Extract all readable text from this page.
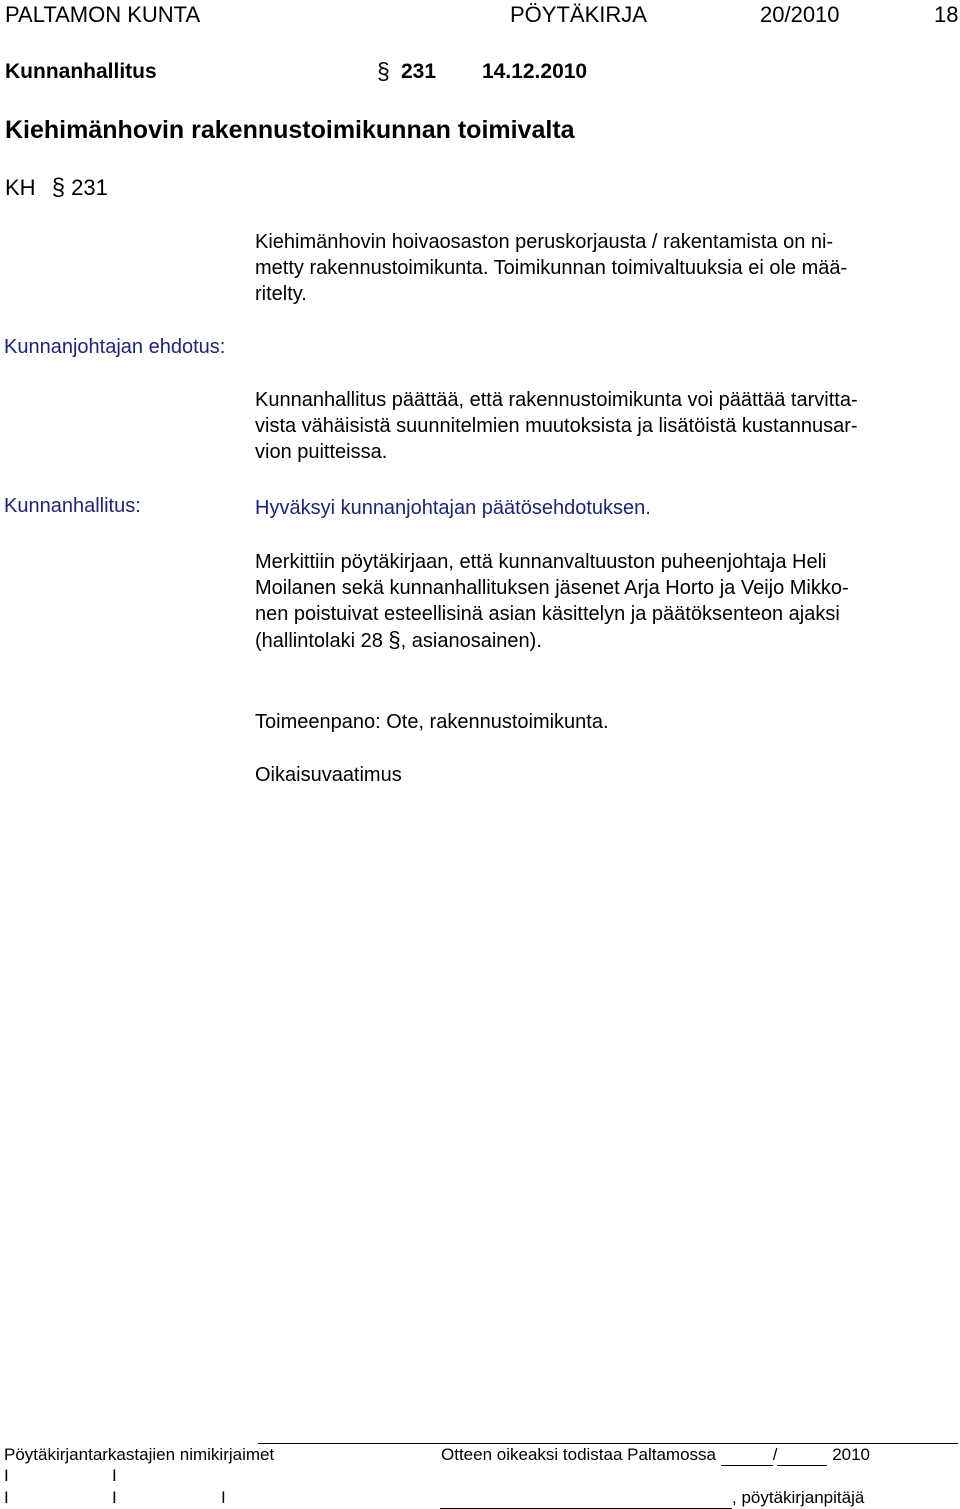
PALTAMON KUNTA	PÖYTÄKIRJA	20/2010	18
Kunnanhallitus	§ 231 14.12.2010
Kiehimänhovin rakennustoimikunnan toimivalta
KH § 231
Kiehimänhovin hoivaosaston peruskorjausta / rakentamista on ni-
metty rakennustoimikunta. Toimikunnan toimivaltuuksia ei ole mää-
ritelty.
Kunnanjohtajan ehdotus:
Kunnanhallitus päättää, että rakennustoimikunta voi päättää tarvitta-
vista vähäisistä suunnitelmien muutoksista ja lisätöistä kustannusar-
vion puitteissa.
Kunnanhallitus:	Hyväksyi kunnanjohtajan päätösehdotuksen.
Merkittiin pöytäkirjaan, että kunnanvaltuuston puheenjohtaja Heli
Moilanen sekä kunnanhallituksen jäsenet Arja Horto ja Veijo Mikko-
nen poistuivat esteellisinä asian käsittelyn ja päätöksenteon ajaksi
(hallintolaki 28 §, asianosainen).
Toimeenpano: Ote, rakennustoimikunta.
Oikaisuvaatimus
Pöytäkirjantarkastajien nimikirjaimet	Otteen oikeaksi todistaa Paltamossa	/	2010
I	I
I	I	I	, pöytäkirjanpitäjä
